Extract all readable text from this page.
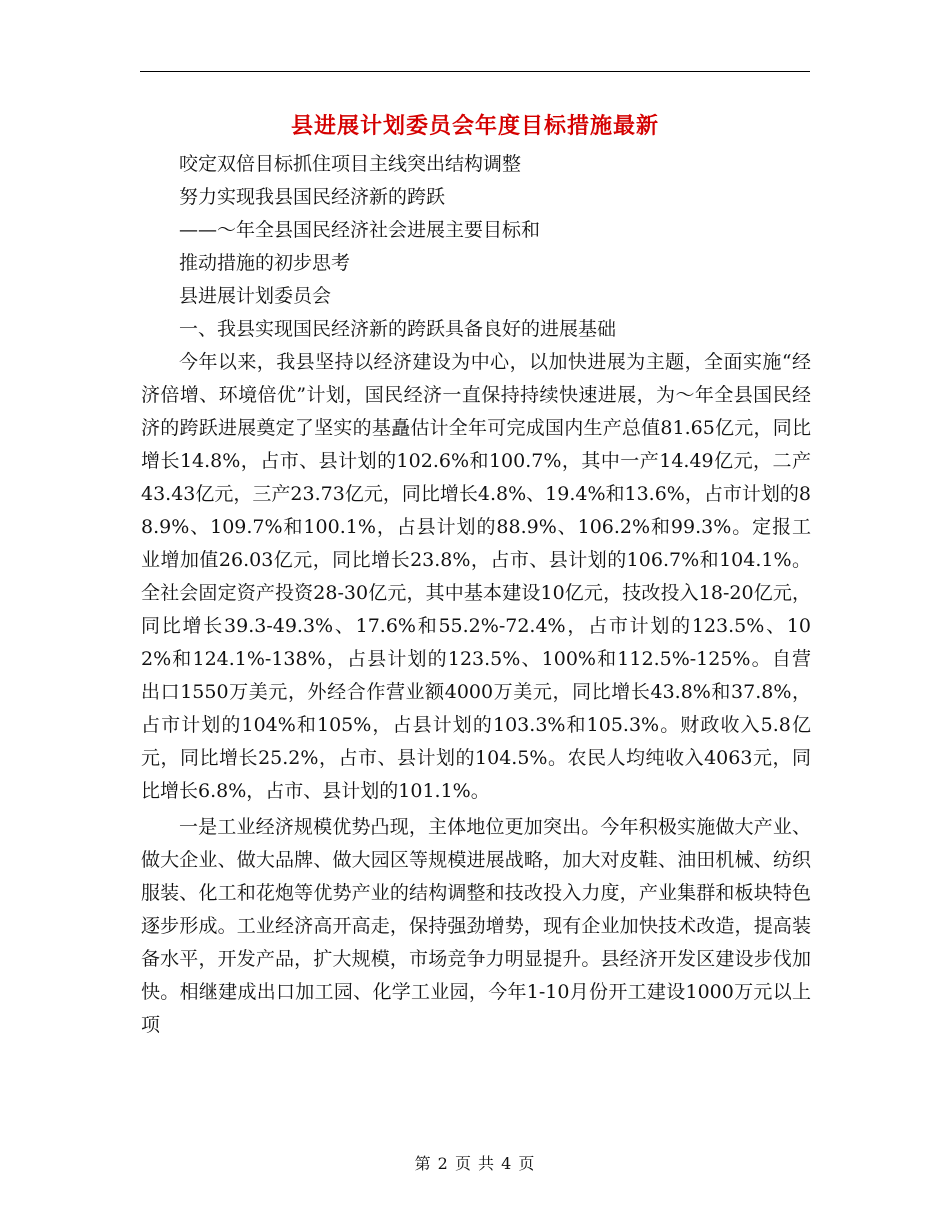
县进展计划委员会年度目标措施最新

咬定双倍目标抓住项目主线突出结构调整

努力实现我县国民经济新的跨跃

——～年全县国民经济社会进展主要目标和

推动措施的初步思考

县进展计划委员会

一、我县实现国民经济新的跨跃具备良好的进展基础

今年以来，我县坚持以经济建设为中心，以加快进展为主题，全面实施“经济倍增、环境倍优”计划，国民经济一直保持持续快速进展，为～年全县国民经济的跨跃进展奠定了坚实的基矗估计全年可完成国内生产总值81.65亿元，同比增长14.8%，占市、县计划的102.6%和100.7%，其中一产14.49亿元，二产43.43亿元，三产23.73亿元，同比增长4.8%、19.4%和13.6%，占市计划的88.9%、109.7%和100.1%，占县计划的88.9%、106.2%和99.3%。定报工业增加值26.03亿元，同比增长23.8%，占市、县计划的106.7%和104.1%。全社会固定资产投资28-30亿元，其中基本建设10亿元，技改投入18-20亿元，同比增长39.3-49.3%、17.6%和55.2%-72.4%，占市计划的123.5%、102%和124.1%-138%，占县计划的123.5%、100%和112.5%-125%。自营出口1550万美元，外经合作营业额4000万美元，同比增长43.8%和37.8%，占市计划的104%和105%，占县计划的103.3%和105.3%。财政收入5.8亿元，同比增长25.2%，占市、县计划的104.5%。农民人均纯收入4063元，同比增长6.8%，占市、县计划的101.1%。

一是工业经济规模优势凸现，主体地位更加突出。今年积极实施做大产业、做大企业、做大品牌、做大园区等规模进展战略，加大对皮鞋、油田机械、纺织服装、化工和花炮等优势产业的结构调整和技改投入力度，产业集群和板块特色逐步形成。工业经济高开高走，保持强劲增势，现有企业加快技术改造，提高装备水平，开发产品，扩大规模，市场竞争力明显提升。县经济开发区建设步伐加快。相继建成出口加工园、化学工业园，今年1-10月份开工建设1000万元以上项

第 2 页 共 4 页
